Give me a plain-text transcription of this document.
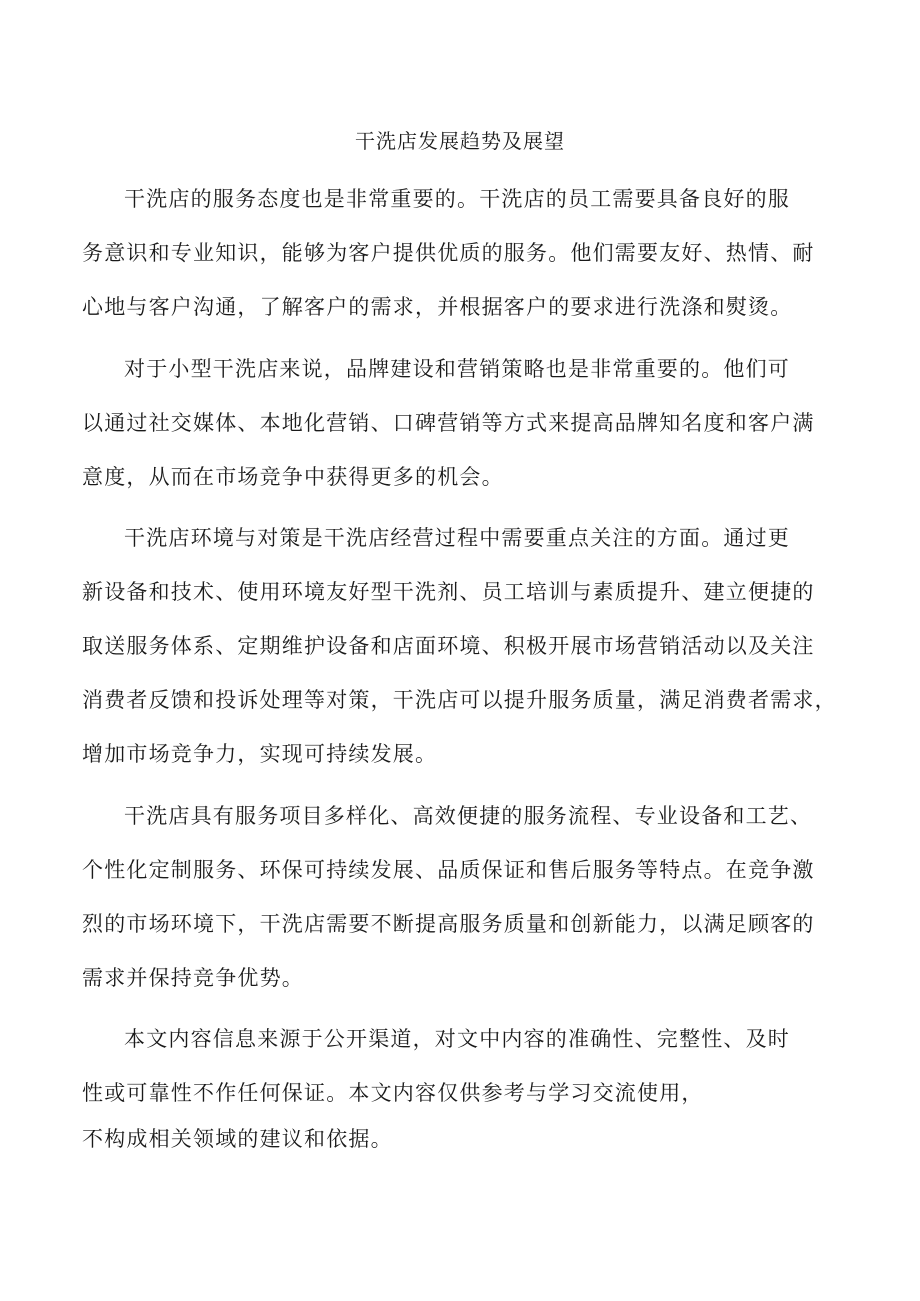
干洗店发展趋势及展望
干洗店的服务态度也是非常重要的。干洗店的员工需要具备良好的服
务意识和专业知识，能够为客户提供优质的服务。他们需要友好、热情、耐
心地与客户沟通，了解客户的需求，并根据客户的要求进行洗涤和熨烫。
对于小型干洗店来说，品牌建设和营销策略也是非常重要的。他们可
以通过社交媒体、本地化营销、口碑营销等方式来提高品牌知名度和客户满
意度，从而在市场竞争中获得更多的机会。
干洗店环境与对策是干洗店经营过程中需要重点关注的方面。通过更
新设备和技术、使用环境友好型干洗剂、员工培训与素质提升、建立便捷的
取送服务体系、定期维护设备和店面环境、积极开展市场营销活动以及关注
消费者反馈和投诉处理等对策，干洗店可以提升服务质量，满足消费者需求，
增加市场竞争力，实现可持续发展。
干洗店具有服务项目多样化、高效便捷的服务流程、专业设备和工艺、
个性化定制服务、环保可持续发展、品质保证和售后服务等特点。在竞争激
烈的市场环境下，干洗店需要不断提高服务质量和创新能力，以满足顾客的
需求并保持竞争优势。
本文内容信息来源于公开渠道，对文中内容的准确性、完整性、及时
性或可靠性不作任何保证。本文内容仅供参考与学习交流使用，

不构成相关领域的建议和依据。
